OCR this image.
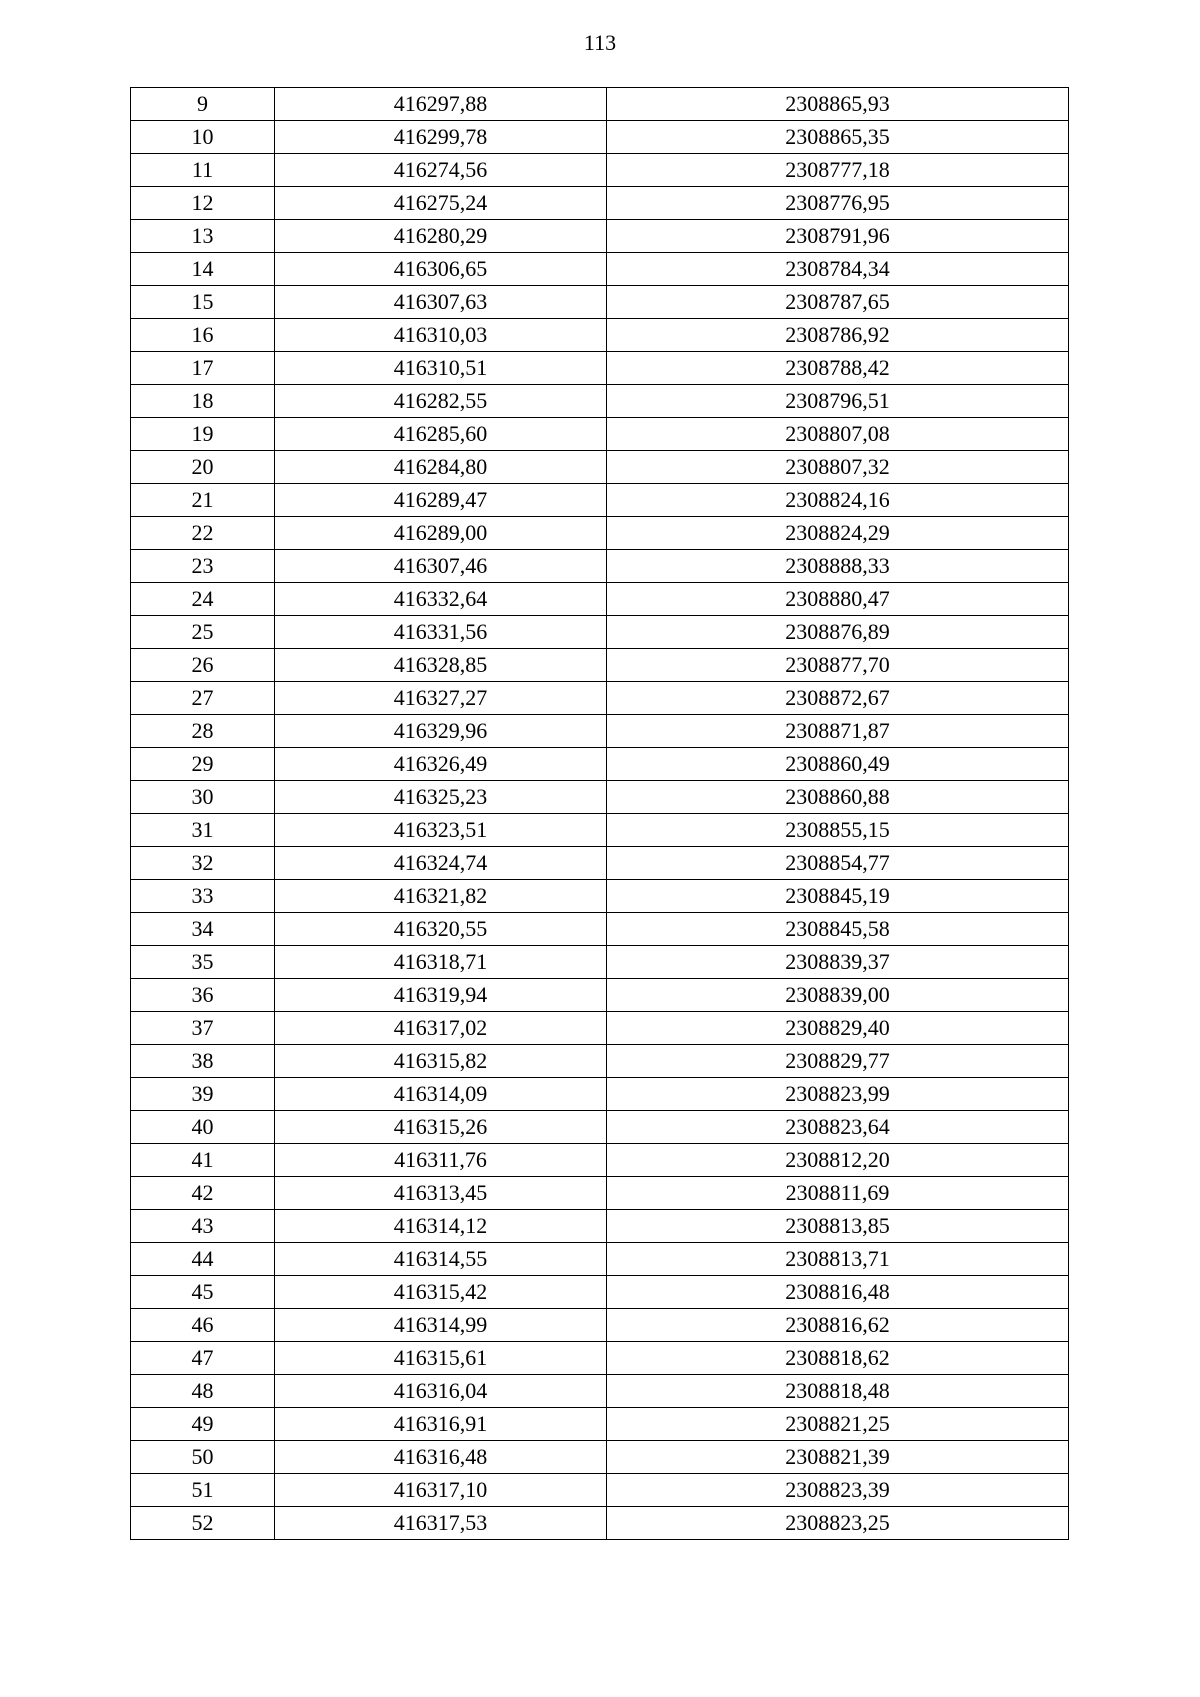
113
9	416297,88	2308865,93
10	416299,78	2308865,35
11	416274,56	2308777,18
12	416275,24	2308776,95
13	416280,29	2308791,96
14	416306,65	2308784,34
15	416307,63	2308787,65
16	416310,03	2308786,92
17	416310,51	2308788,42
18	416282,55	2308796,51
19	416285,60	2308807,08
20	416284,80	2308807,32
21	416289,47	2308824,16
22	416289,00	2308824,29
23	416307,46	2308888,33
24	416332,64	2308880,47
25	416331,56	2308876,89
26	416328,85	2308877,70
27	416327,27	2308872,67
28	416329,96	2308871,87
29	416326,49	2308860,49
30	416325,23	2308860,88
31	416323,51	2308855,15
32	416324,74	2308854,77
33	416321,82	2308845,19
34	416320,55	2308845,58
35	416318,71	2308839,37
36	416319,94	2308839,00
37	416317,02	2308829,40
38	416315,82	2308829,77
39	416314,09	2308823,99
40	416315,26	2308823,64
41	416311,76	2308812,20
42	416313,45	2308811,69
43	416314,12	2308813,85
44	416314,55	2308813,71
45	416315,42	2308816,48
46	416314,99	2308816,62
47	416315,61	2308818,62
48	416316,04	2308818,48
49	416316,91	2308821,25
50	416316,48	2308821,39
51	416317,10	2308823,39
52	416317,53	2308823,25
